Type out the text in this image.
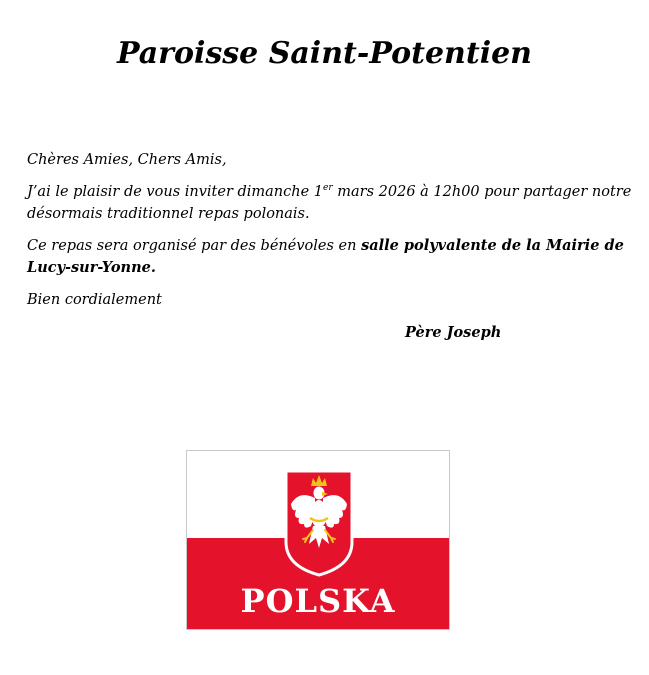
Paroisse Saint-Potentien

Chères Amies, Chers Amis,

J’ai le plaisir de vous inviter dimanche 1er mars 2026 à 12h00 pour partager notre désormais traditionnel repas polonais.

Ce repas sera organisé par des bénévoles en salle polyvalente de la Mairie de Lucy-sur-Yonne.

Bien cordialement

Père Joseph

POLSKA
